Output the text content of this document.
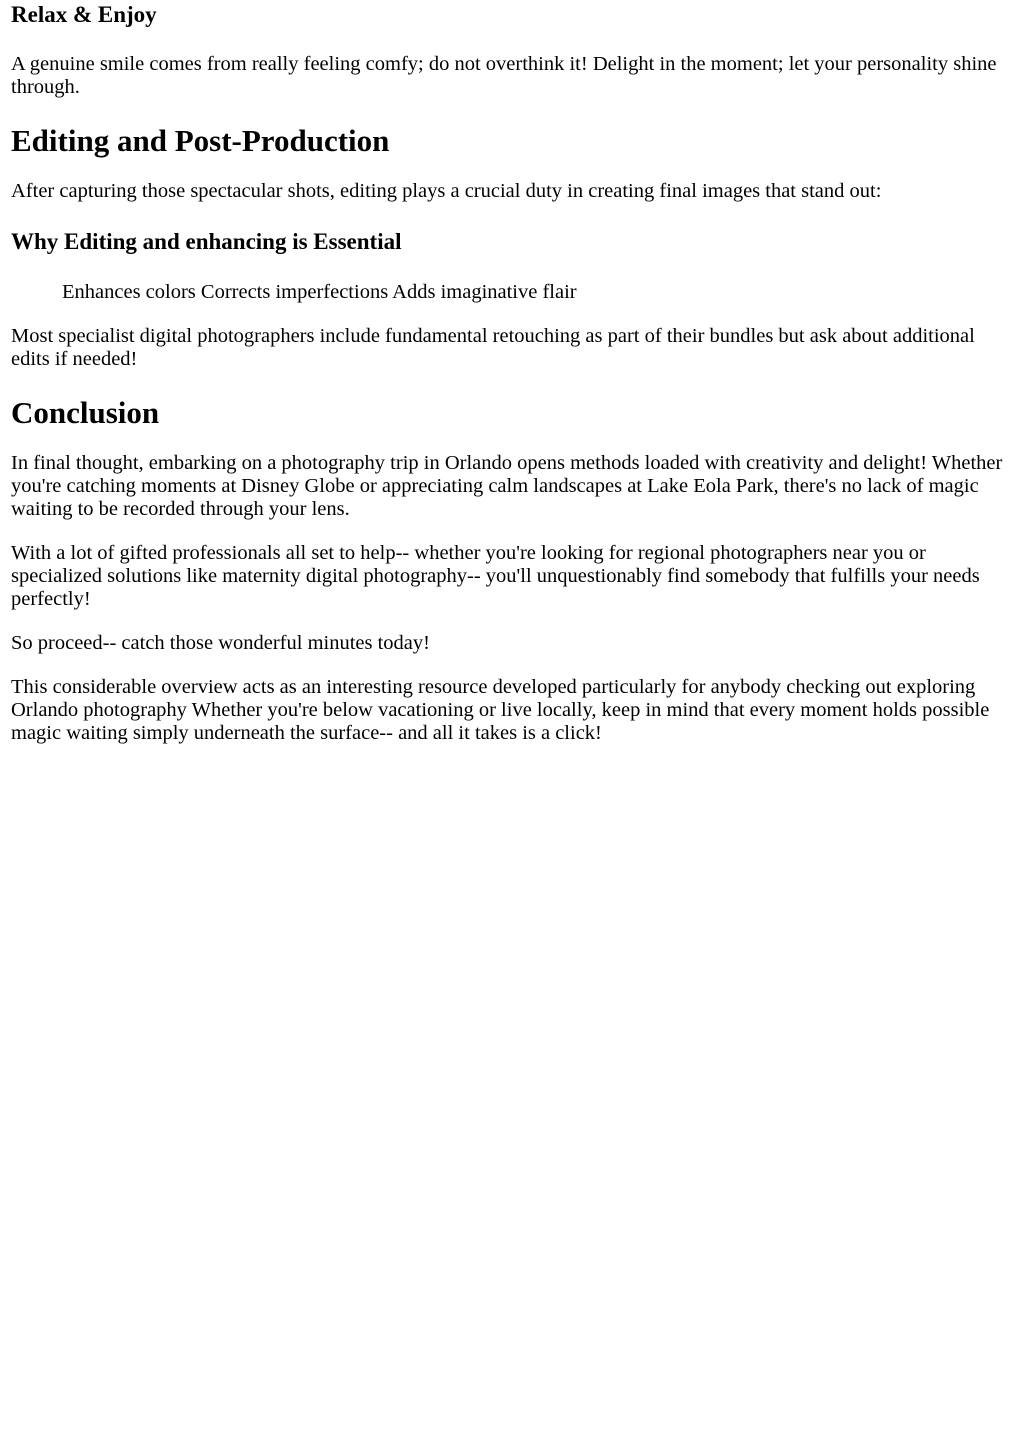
Relax & Enjoy

A genuine smile comes from really feeling comfy; do not overthink it! Delight in the moment; let your personality shine through.

Editing and Post-Production

After capturing those spectacular shots, editing plays a crucial duty in creating final images that stand out:

Why Editing and enhancing is Essential
Enhances colors Corrects imperfections Adds imaginative flair

Most specialist digital photographers include fundamental retouching as part of their bundles but ask about additional edits if needed!

Conclusion

In final thought, embarking on a photography trip in Orlando opens methods loaded with creativity and delight! Whether you're catching moments at Disney Globe or appreciating calm landscapes at Lake Eola Park, there's no lack of magic waiting to be recorded through your lens.

With a lot of gifted professionals all set to help-- whether you're looking for regional photographers near you or specialized solutions like maternity digital photography-- you'll unquestionably find somebody that fulfills your needs perfectly!

So proceed-- catch those wonderful minutes today!

This considerable overview acts as an interesting resource developed particularly for anybody checking out exploring Orlando photography Whether you're below vacationing or live locally, keep in mind that every moment holds possible magic waiting simply underneath the surface-- and all it takes is a click!
